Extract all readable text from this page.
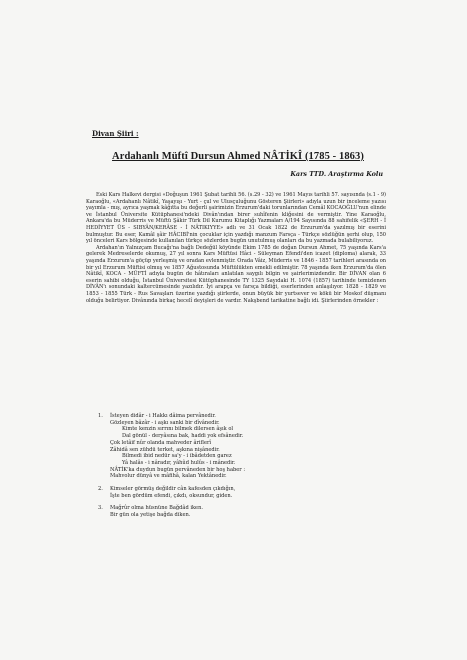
Divan Şiiri :
Ardahanlı Müftî Dursun Ahmed NÂTİKÎ (1785 - 1863)
Kars TTD. Araştırma Kolu

Eski Kars Halkevi dergisi «Doğuşun 1961 Şubat tarihli 56. (s.29 - 32) ve 1961 Mayıs tarihli 57. sayısında (s.1 - 9) Karaoğlu, «Ardahanlı Nâtikî, Yaşayışı - Yurt - çul ve Ulusçuluğunu Gösteren Şiirleri» adıyla uzun bir inceleme yazısı yayımla - mış, ayrıca yaşmak kâğıtta bu değerli şairimizin Erzurum'daki torunlarından Cemâl KOCAOĞLU'nun elinde ve İstanbul Üniversite Kütüphanesi'ndeki Divân'ından birer suhîfenin kliğesini de vermiştir. Yine Karaoğlu, Ankara'da bu Müderris ve Müftü Şâkir Türk Dil Kurumu Kitaplığı Yazmaları A/194 Sayısında 88 sahifelik «ŞERH - İ HEDİYYET ÜS - SIBYÂN/KERÂSE - İ NÂTIKIYYE» adlı ve 31 Ocak 1822 de Erzurum'da yazılmış bir eserini bulmuştur. Bu eser, Kamâl şâir HÂCIBİ'nin çocuklar için yazdığı manzum Farsça - Türkçe sözlüğün şerhi olup, 150 yıl önceleri Kars bölgesinde kullanılan türkçe sözlerden bugün unutulmuş olanları da bu yazmada bulabiliyoruz.

Ardahan'ın Yalnızçam Bucağı'na bağlı Dedeğül köyünde Ekim 1785 de doğan Dursun Ahmet, 75 yaşında Kars'a gelerek Medreselerde okumuş, 27 yıl sonra Kars Müftüsi Hâci - Süleyman Efendi'den icazet (diploma) alarak, 33 yaşında Erzurum'a göçüp yerleşmiş ve oradan evlenmiştir. Orada Vâiz, Müderris ve 1846 - 1857 tarihleri arasında on bir yıl Erzurum Müftisi olmuş ve 1857 Ağustosunda Müftülükten emekli edilmiştir. 78 yaşında iken Erzurum'da ölen Nâtikî, KOCA - MÜFTİ adıyla bugün de hâtıraları anlatılan saygılı bilgin ve şairlerimizdendir. Bir DİVAN olan 6 eserin sahibi olduğu, İstanbul Üniversitesi Kütüphanesinde TY 1325 Sayıdaki H. 1074 (1857) tarihinde temizlenen DİVÂN'ı sonundaki kaltercümesinde yazılıdır. İyi arapça ve farsça bildiği, eserlerinden anlaşılıyor. 1828 - 1829 ve 1853 - 1855 Türk - Rus Savaşları üzerine yazdığı şiirlerde, onun büyük bir yurtsever ve kökü bir Moskof düşmanı olduğu belirtiyor. Divânında birkaç hecelî deyişleri de vardır. Nakşbend tarikatine bağlı idi. Şiirlerinden örnekler :

1. İsteyen didâr - i Hakkı dâima pervânedir.
Gözleyen bâzâr - i aşkı sanki bir dîvânedir.
Kimte kenzin sırrını bilmek dilersen âşık ol
Dal gönül - deryâsına bak, haddi yok efsânedir.
Çok letâif nûr olanda mahveder âriflerî
Zâhidâ sen zühdü terket, aşkına nişânedir.
Bilmedi ibid nedür sa'y - i ibâdetden garez
Yâ halâs - i nâradır, yâhûd hulûs - i mânedir.
NÂTİK'ka duydun bugün pervâneden bir hoş haber :
Mahvolur dünyâ ve mâfihâ, kalan Yektânedir.
2. Kimseler görmüş değildir cân kafesden çıkdığın,
İşte ben gördüm efendi, çıkdı, oksundur, giden.
3. Mağrûr olma hüsnüne Bağdâd iken.
Bir gün ola yetişe bağda diken.
